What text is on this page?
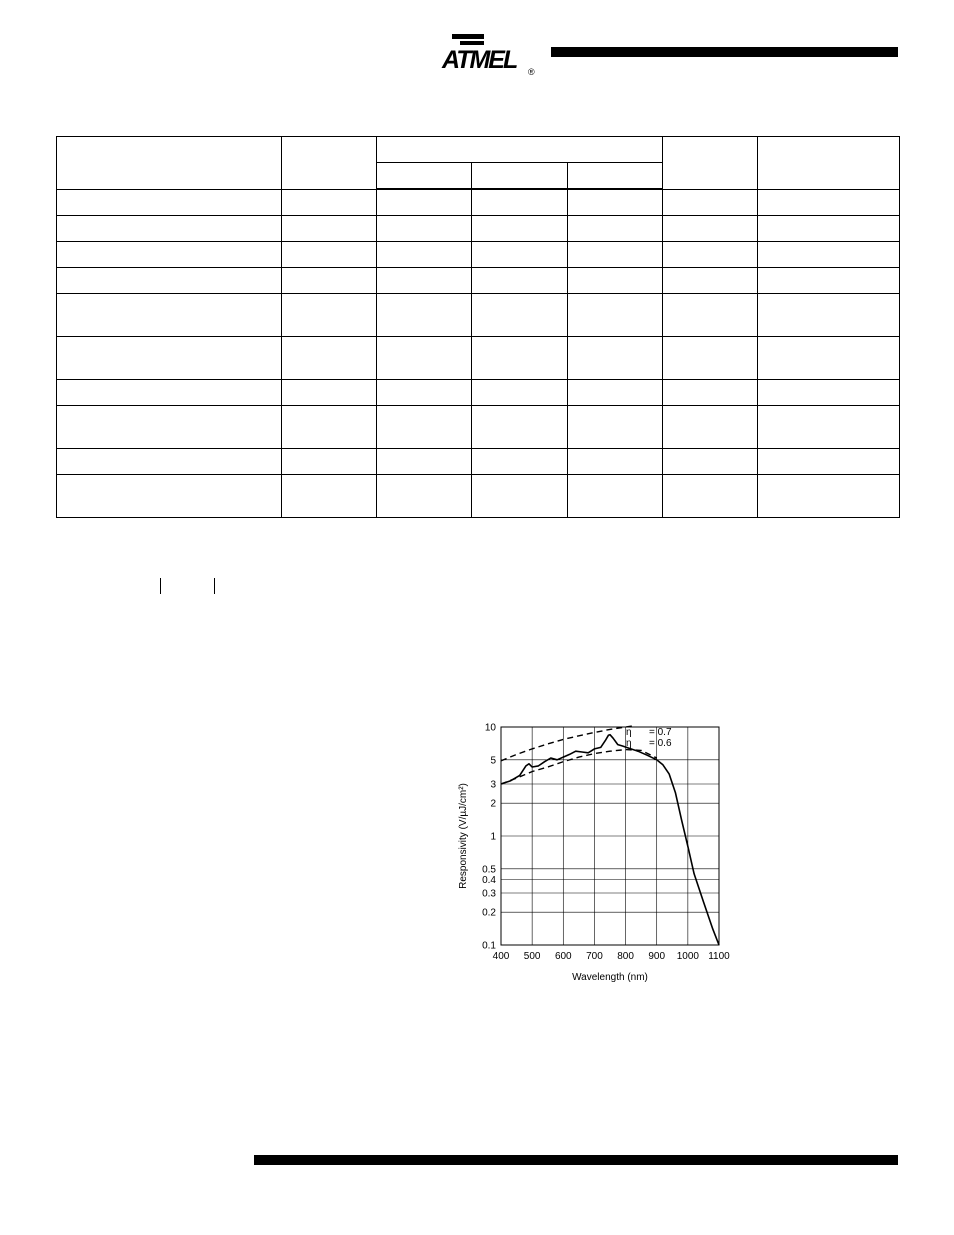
ATMEL ®

400 500 600 700 800 900 1000 1100
0.1
0.2
0.3
0.4
0.5
1
2
3
5
10	η = 0.7
η = 0.6
Wavelength (nm)
Responsivity (V/µJ/cm²)
